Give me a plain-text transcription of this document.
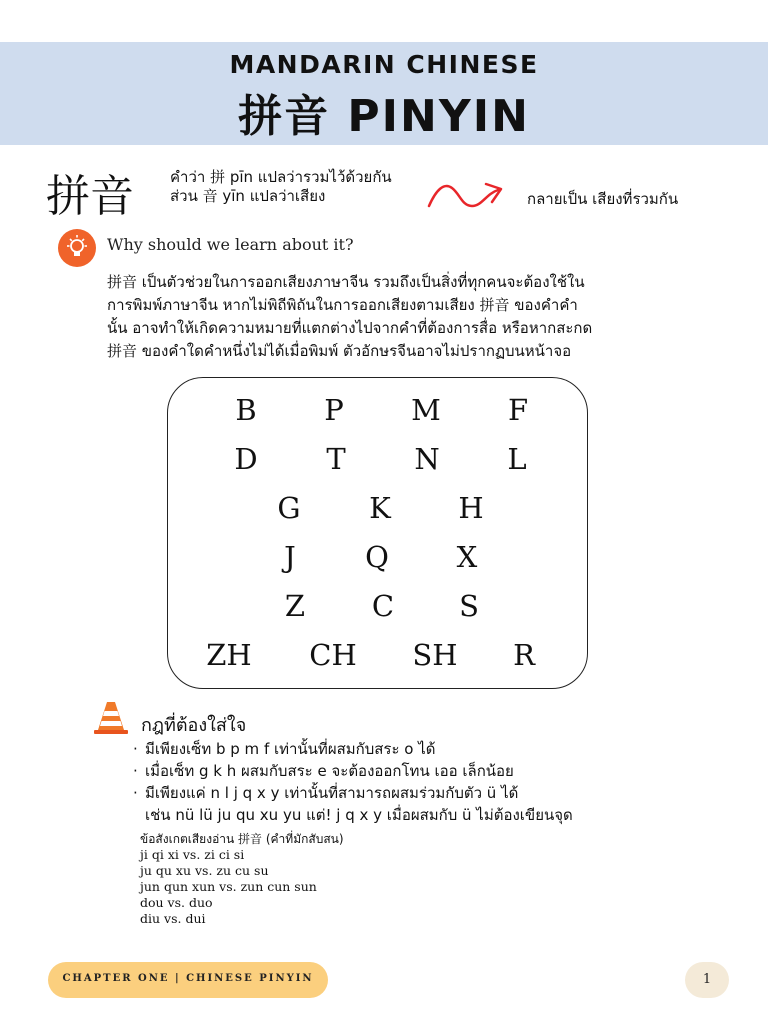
MANDARIN CHINESE
拼音 PINYIN
拼音 คำว่า 拼 pīn แปลว่ารวมไว้ด้วยกัน
ส่วน 音 yīn แปลว่าเสียง	กลายเป็น เสียงที่รวมกัน
Why should we learn about it?
拼音 เป็นตัวช่วยในการออกเสียงภาษาจีน รวมถึงเป็นสิ่งที่ทุกคนจะต้องใช้ใน
การพิมพ์ภาษาจีน หากไม่พิถีพิถันในการออกเสียงตามเสียง 拼音 ของคำคำ
นั้น อาจทำให้เกิดความหมายที่แตกต่างไปจากคำที่ต้องการสื่อ หรือหากสะกด
拼音 ของคำใดคำหนึ่งไม่ได้เมื่อพิมพ์ ตัวอักษรจีนอาจไม่ปรากฏบนหน้าจอ
B P M F
D T N L
G K H
J Q X
Z C S
ZH CH SH R
กฎที่ต้องใส่ใจ
· มีเพียงเซ็ท b p m f เท่านั้นที่ผสมกับสระ o ได้
· เมื่อเซ็ท g k h ผสมกับสระ e จะต้องออกโทน เออ เล็กน้อย
· มีเพียงแค่ n l j q x y เท่านั้นที่สามารถผสมร่วมกับตัว ü ได้
เช่น nü lü ju qu xu yu แต่! j q x y เมื่อผสมกับ ü ไม่ต้องเขียนจุด
ข้อสังเกตเสียงอ่าน 拼音 (คำที่มักสับสน)
ji qi xi vs. zi ci si
ju qu xu vs. zu cu su
jun qun xun vs. zun cun sun
dou vs. duo
diu vs. dui
CHAPTER ONE | CHINESE PINYIN	1
